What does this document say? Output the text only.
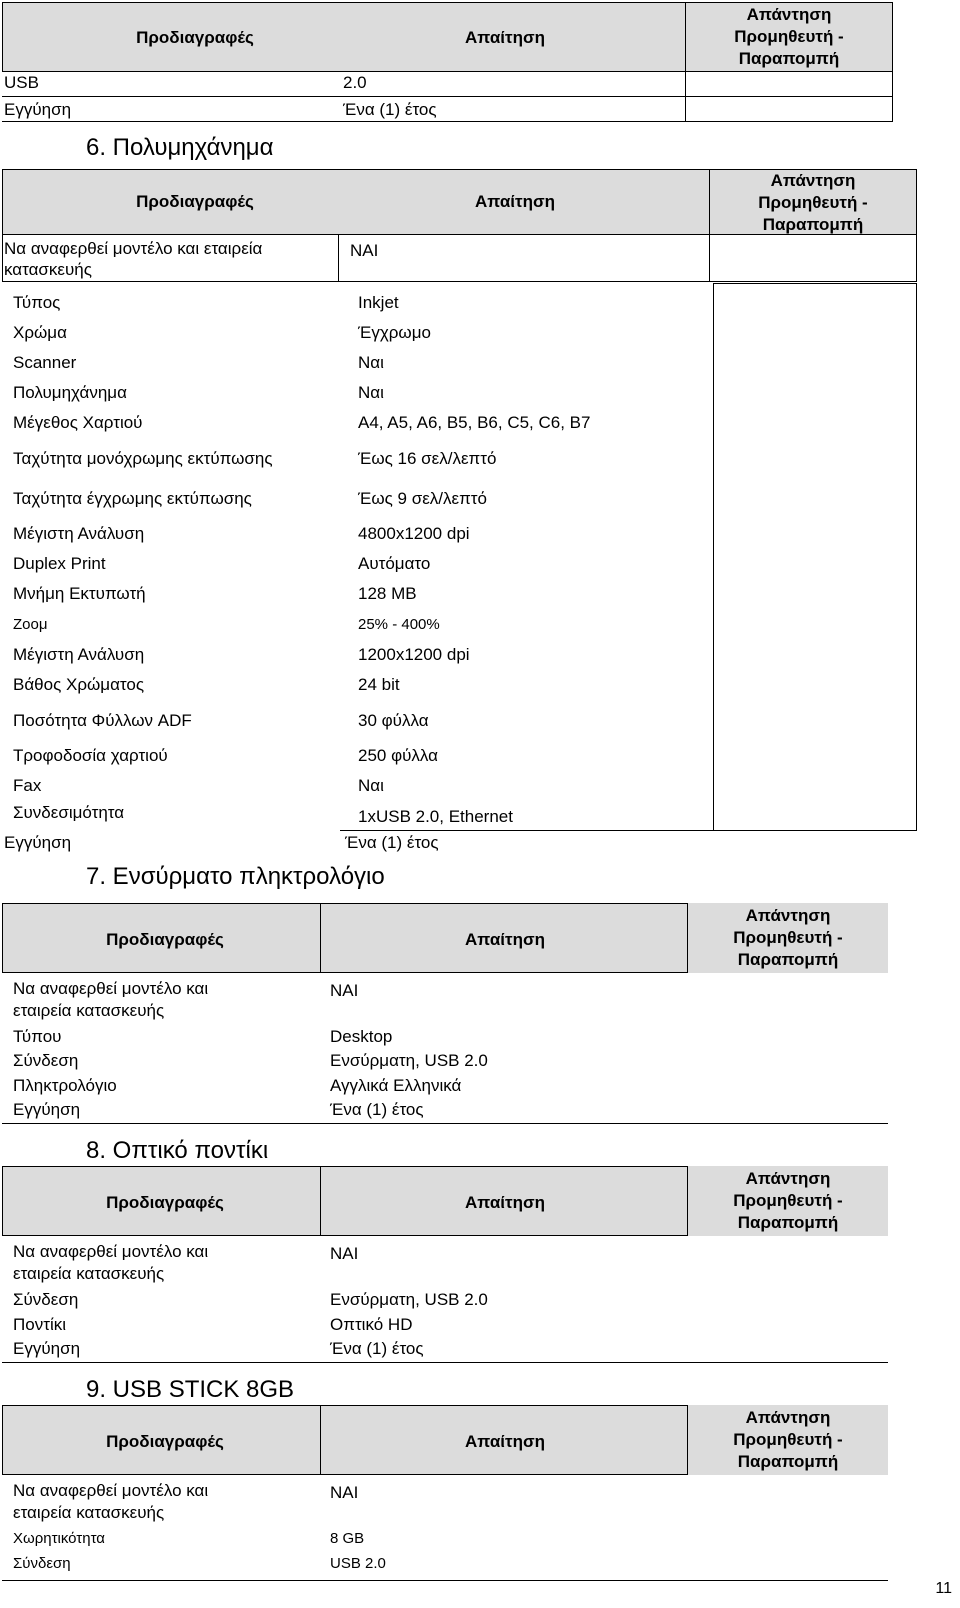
Προδιαγραφές	Απαίτηση
Απάντηση
Προμηθευτή -
Παραπομπή
USB	2.0
Εγγύηση	Ένα (1) έτος
6. Πολυμηχάνημα
Προδιαγραφές	Απαίτηση
Απάντηση
Προμηθευτή -
Παραπομπή
Να αναφερθεί μοντέλο και εταιρεία
κατασκευής
ΝΑΙ
Τύπος	Inkjet
Χρώμα	Έγχρωμο
Scanner	Ναι
Πολυμηχάνημα	Ναι
Μέγεθος Χαρτιού	A4, A5, A6, B5, B6, C5, C6, B7
Ταχύτητα μονόχρωμης εκτύπωσης	Έως 16 σελ/λεπτό
Ταχύτητα έγχρωμης εκτύπωσης	Έως 9 σελ/λεπτό
Μέγιστη Ανάλυση	4800x1200 dpi
Duplex Print	Αυτόματο
Μνήμη Εκτυπωτή	128 MB
Zooμ	25% - 400%
Μέγιστη Ανάλυση	1200x1200 dpi
Βάθος Χρώματος	24 bit
Ποσότητα Φύλλων ADF	30 φύλλα
Τροφοδοσία χαρτιού	250 φύλλα
Fax	Ναι
Συνδεσιμότητα	1xUSB 2.0, Ethernet
Εγγύηση	Ένα (1) έτος
7. Ενσύρματο πληκτρολόγιο
Προδιαγραφές	Απαίτηση
Απάντηση
Προμηθευτή -
Παραπομπή
Να αναφερθεί μοντέλο και
εταιρεία κατασκευής
ΝΑΙ
Τύπου	Desktop
Σύνδεση	Ενσύρματη, USB 2.0
Πληκτρολόγιο	Αγγλικά Ελληνικά
Εγγύηση	Ένα (1) έτος
8. Οπτικό ποντίκι
Προδιαγραφές	Απαίτηση
Απάντηση
Προμηθευτή -
Παραπομπή
Να αναφερθεί μοντέλο και
εταιρεία κατασκευής
ΝΑΙ
Σύνδεση	Ενσύρματη, USB 2.0
Ποντίκι	Οπτικό HD
Εγγύηση	Ένα (1) έτος
9. USB STICK 8GB
Προδιαγραφές	Απαίτηση
Απάντηση
Προμηθευτή -
Παραπομπή
Να αναφερθεί μοντέλο και
εταιρεία κατασκευής
ΝΑΙ
Χωρητικότητα	8 GB
Σύνδεση	USB 2.0
11
